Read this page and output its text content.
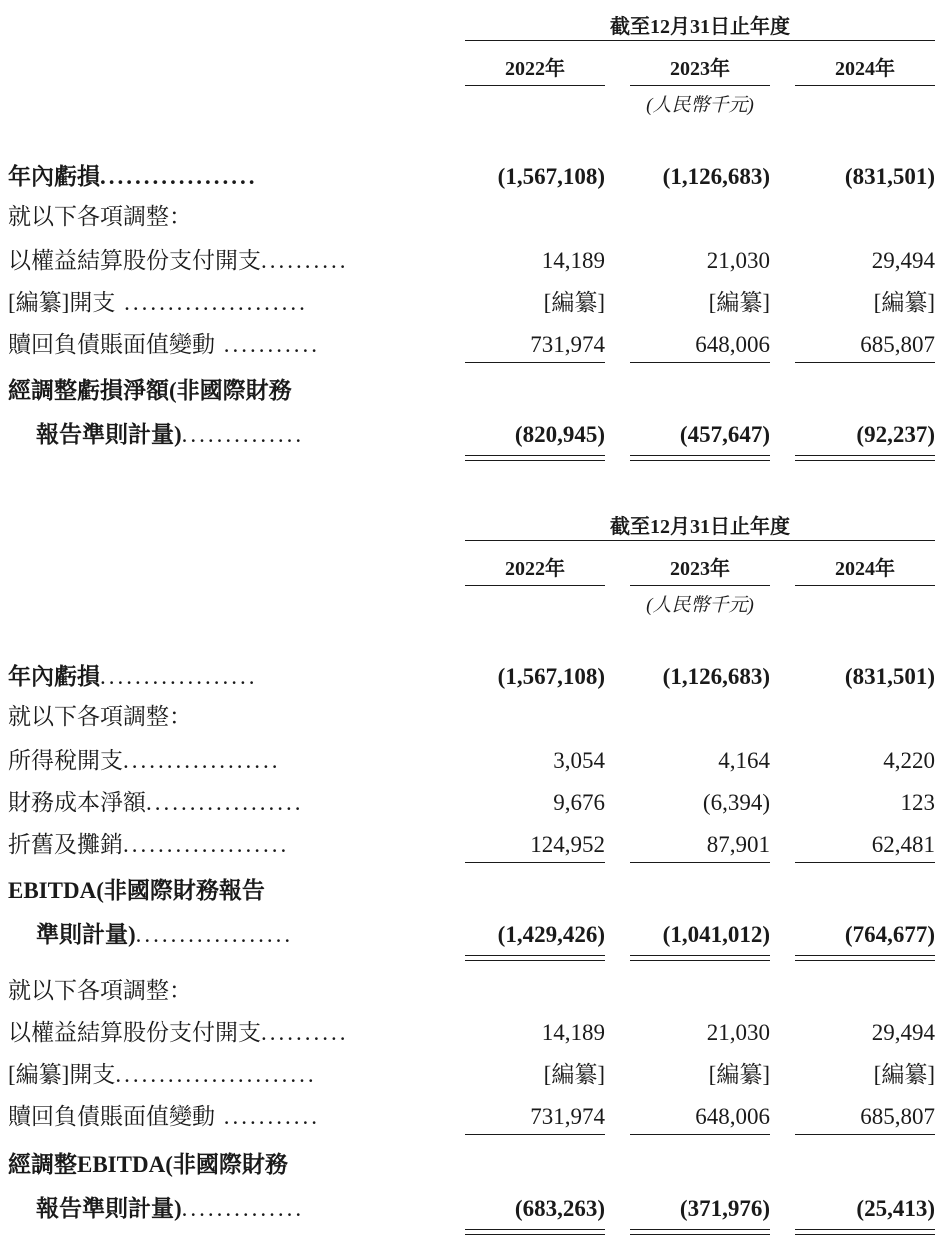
截至12月31日止年度
2022年	2023年	2024年
(人民幣千元)
年內虧損..................	(1,567,108)	(1,126,683)	(831,501)
就以下各項調整：
以權益結算股份支付開支..........	14,189	21,030	29,494
[編纂]開支 .....................	[編纂]	[編纂]	[編纂]
贖回負債賬面值變動 ...........	731,974	648,006	685,807
經調整虧損淨額(非國際財務
報告準則計量)..............	(820,945)	(457,647)	(92,237)
截至12月31日止年度
2022年	2023年	2024年
(人民幣千元)
年內虧損..................	(1,567,108)	(1,126,683)	(831,501)
就以下各項調整：
所得稅開支..................	3,054	4,164	4,220
財務成本淨額..................	9,676	(6,394)	123
折舊及攤銷...................	124,952	87,901	62,481
EBITDA(非國際財務報告
準則計量)..................	(1,429,426)	(1,041,012)	(764,677)
就以下各項調整：
以權益結算股份支付開支..........	14,189	21,030	29,494
[編纂]開支.......................	[編纂]	[編纂]	[編纂]
贖回負債賬面值變動 ...........	731,974	648,006	685,807
經調整EBITDA(非國際財務
報告準則計量)..............	(683,263)	(371,976)	(25,413)
